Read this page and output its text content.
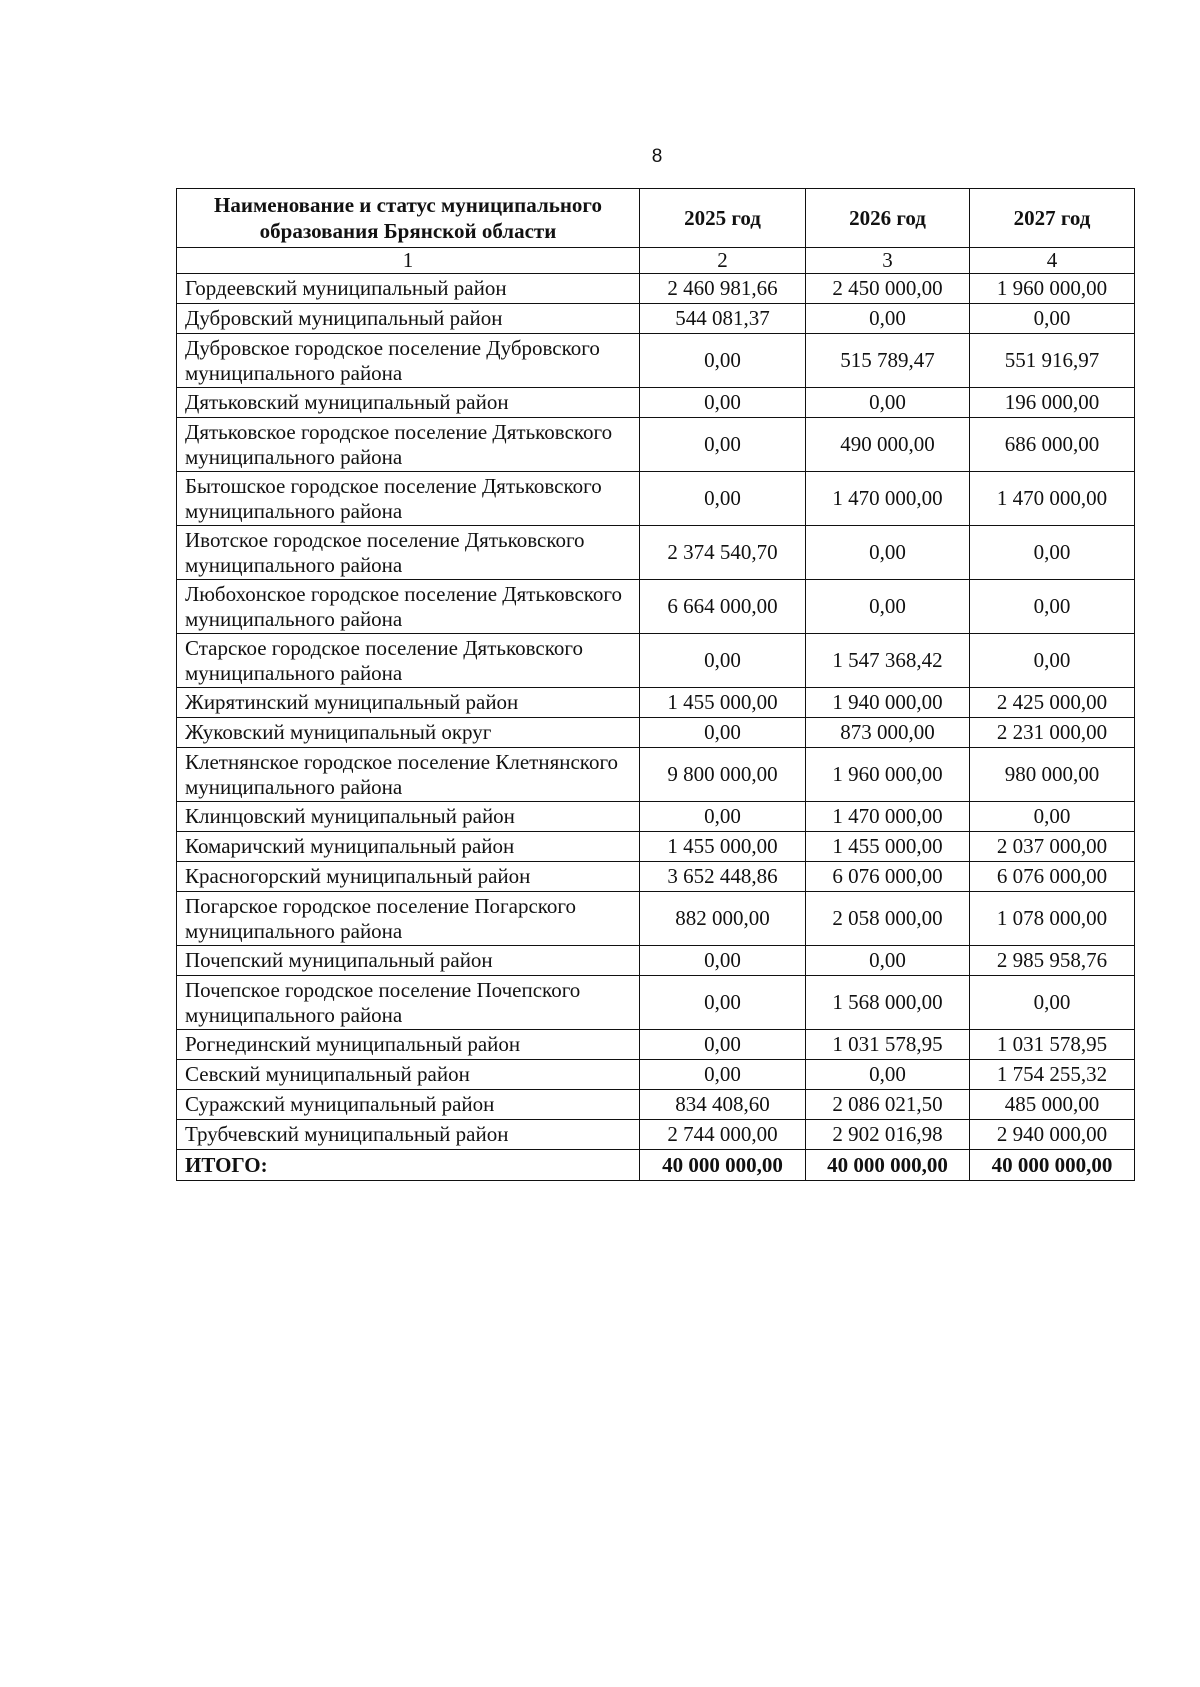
8
Наименование и статус муниципального образования Брянской области	2025 год	2026 год	2027 год
1	2	3	4
Гордеевский муниципальный район	2 460 981,66	2 450 000,00	1 960 000,00
Дубровский муниципальный район	544 081,37	0,00	0,00
Дубровское городское поселение Дубровского муниципального района	0,00	515 789,47	551 916,97
Дятьковский муниципальный район	0,00	0,00	196 000,00
Дятьковское городское поселение Дятьковского муниципального района	0,00	490 000,00	686 000,00
Бытошское городское поселение Дятьковского муниципального района	0,00	1 470 000,00	1 470 000,00
Ивотское городское поселение Дятьковского муниципального района	2 374 540,70	0,00	0,00
Любохонское городское поселение Дятьковского муниципального района	6 664 000,00	0,00	0,00
Старское городское поселение Дятьковского муниципального района	0,00	1 547 368,42	0,00
Жирятинский муниципальный район	1 455 000,00	1 940 000,00	2 425 000,00
Жуковский муниципальный округ	0,00	873 000,00	2 231 000,00
Клетнянское городское поселение Клетнянского муниципального района	9 800 000,00	1 960 000,00	980 000,00
Клинцовский муниципальный район	0,00	1 470 000,00	0,00
Комаричский муниципальный район	1 455 000,00	1 455 000,00	2 037 000,00
Красногорский муниципальный район	3 652 448,86	6 076 000,00	6 076 000,00
Погарское городское поселение Погарского муниципального района	882 000,00	2 058 000,00	1 078 000,00
Почепский муниципальный район	0,00	0,00	2 985 958,76
Почепское городское поселение Почепского муниципального района	0,00	1 568 000,00	0,00
Рогнединский муниципальный район	0,00	1 031 578,95	1 031 578,95
Севский муниципальный район	0,00	0,00	1 754 255,32
Суражский муниципальный район	834 408,60	2 086 021,50	485 000,00
Трубчевский муниципальный район	2 744 000,00	2 902 016,98	2 940 000,00
ИТОГО:	40 000 000,00	40 000 000,00	40 000 000,00
